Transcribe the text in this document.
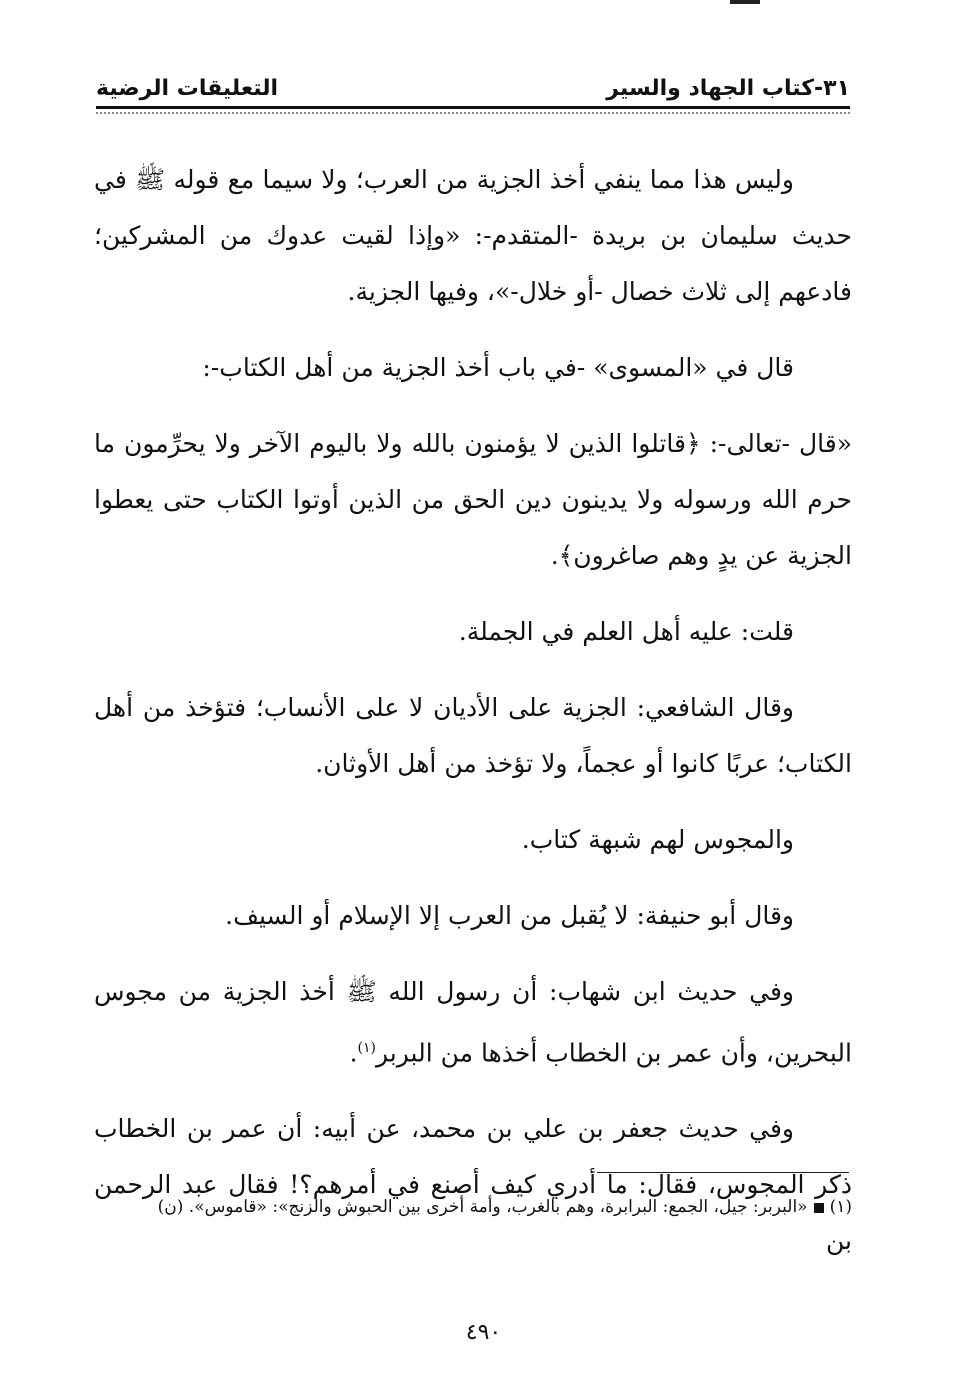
٣١-كتاب الجهاد والسير
التعليقات الرضية

وليس هذا مما ينفي أخذ الجزية من العرب؛ ولا سيما مع قوله ﷺ في حديث سليمان بن بريدة -المتقدم-: «وإذا لقيت عدوك من المشركين؛ فادعهم إلى ثلاث خصال -أو خلال-»، وفيها الجزية.

قال في «المسوى» -في باب أخذ الجزية من أهل الكتاب-:

«قال -تعالى-: ﴿قاتلوا الذين لا يؤمنون بالله ولا باليوم الآخر ولا يحرِّمون ما حرم الله ورسوله ولا يدينون دين الحق من الذين أوتوا الكتاب حتى يعطوا الجزية عن يدٍ وهم صاغرون﴾.

قلت: عليه أهل العلم في الجملة.

وقال الشافعي: الجزية على الأديان لا على الأنساب؛ فتؤخذ من أهل الكتاب؛ عربًا كانوا أو عجماً، ولا تؤخذ من أهل الأوثان.

والمجوس لهم شبهة كتاب.

وقال أبو حنيفة: لا يُقبل من العرب إلا الإسلام أو السيف.

وفي حديث ابن شهاب: أن رسول الله ﷺ أخذ الجزية من مجوس البحرين، وأن عمر بن الخطاب أخذها من البربر$^{(١)}$.

وفي حديث جعفر بن علي بن محمد، عن أبيه: أن عمر بن الخطاب ذكر المجوس، فقال: ما أدري كيف أصنع في أمرهم؟! فقال عبد الرحمن بن

(١)«البربر: جيل، الجمع: البرابرة، وهم بالغرب، وأمة أخرى بين الحبوش والزنج»: «قاموس». (ن)

٤٩٠
